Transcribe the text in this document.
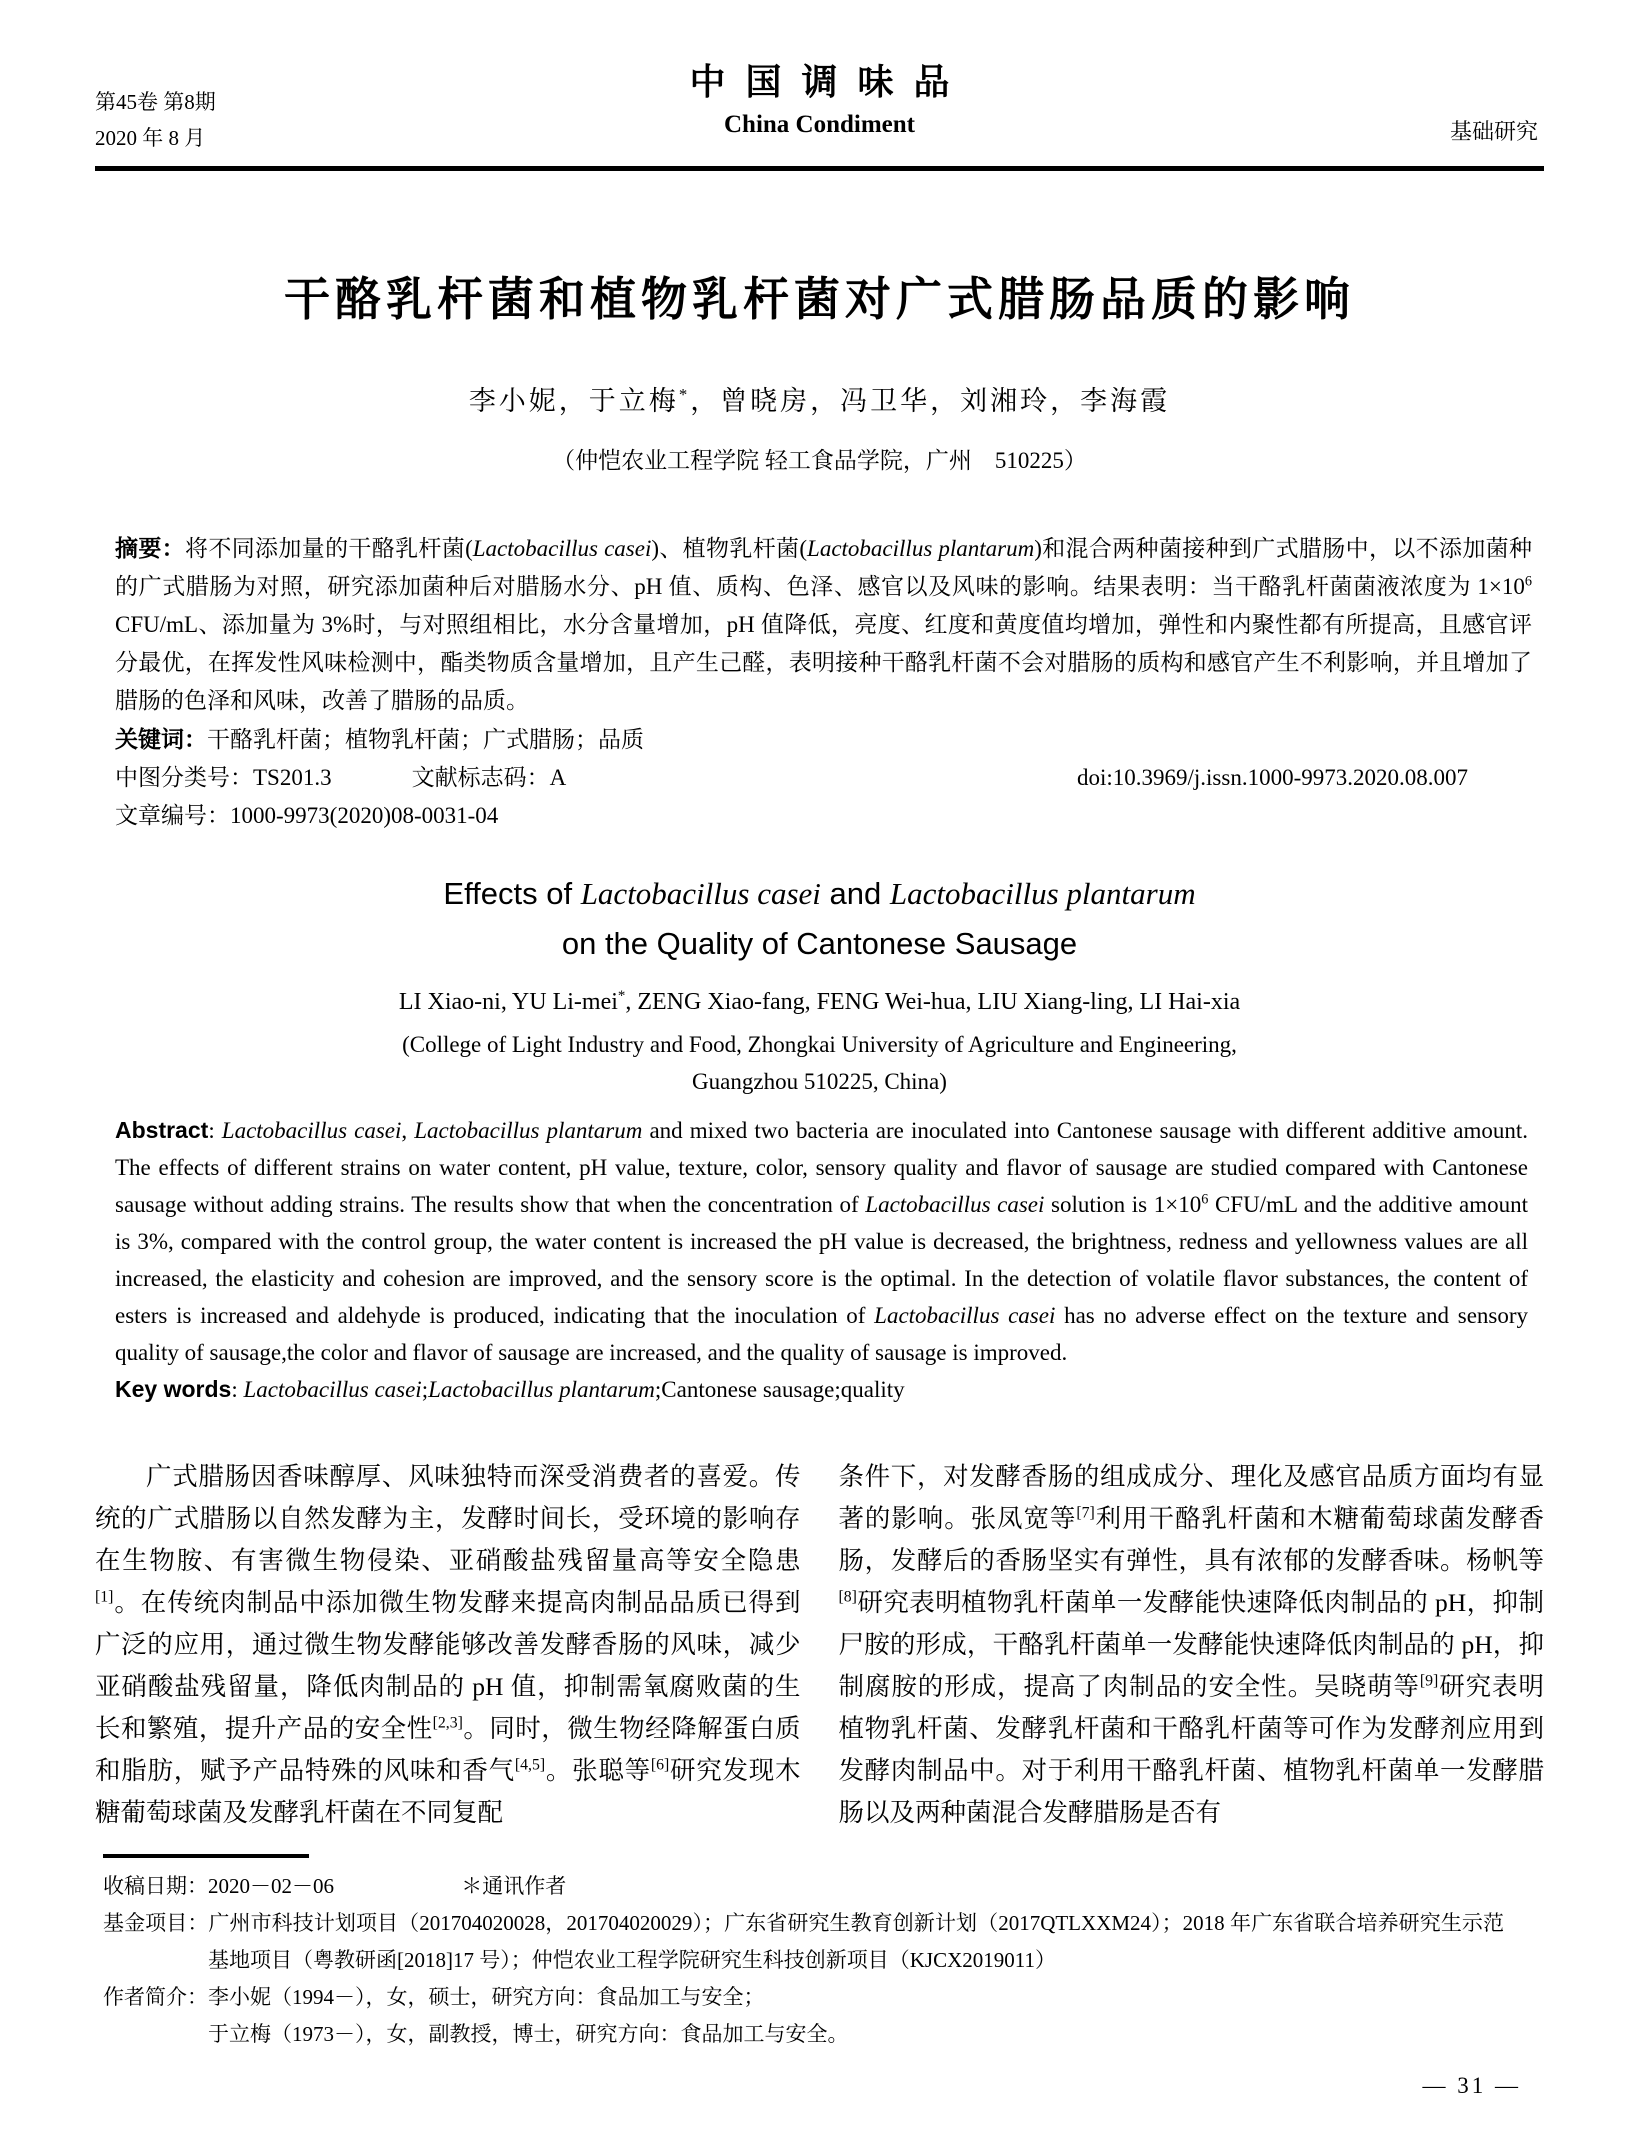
第45卷 第8期
2020 年 8 月
中国调味品
China Condiment	基础研究
干酪乳杆菌和植物乳杆菌对广式腊肠品质的影响
李小妮，于立梅*，曾晓房，冯卫华，刘湘玲，李海霞
（仲恺农业工程学院 轻工食品学院，广州　510225）

摘要：将不同添加量的干酪乳杆菌(Lactobacillus casei)、植物乳杆菌(Lactobacillus plantarum)和混合两种菌接种到广式腊肠中，以不添加菌种的广式腊肠为对照，研究添加菌种后对腊肠水分、pH 值、质构、色泽、感官以及风味的影响。结果表明：当干酪乳杆菌菌液浓度为 $1\times 10^6$ CFU/mL、添加量为 3%时，与对照组相比，水分含量增加，pH 值降低，亮度、红度和黄度值均增加，弹性和内聚性都有所提高，且感官评分最优，在挥发性风味检测中，酯类物质含量增加，且产生己醛，表明接种干酪乳杆菌不会对腊肠的质构和感官产生不利影响，并且增加了腊肠的色泽和风味，改善了腊肠的品质。

关键词：干酪乳杆菌；植物乳杆菌；广式腊肠；品质

中图分类号：TS201.3	文献标志码：A	doi:10.3969/j.issn.1000-9973.2020.08.007

文章编号：1000-9973(2020)08-0031-04

Effects of Lactobacillus casei and Lactobacillus plantarum
on the Quality of Cantonese Sausage
LI Xiao-ni, YU Li-mei*, ZENG Xiao-fang, FENG Wei-hua, LIU Xiang-ling, LI Hai-xia
(College of Light Industry and Food, Zhongkai University of Agriculture and Engineering,
Guangzhou 510225, China)

Abstract: Lactobacillus casei, Lactobacillus plantarum and mixed two bacteria are inoculated into Cantonese sausage with different additive amount. The effects of different strains on water content, pH value, texture, color, sensory quality and flavor of sausage are studied compared with Cantonese sausage without adding strains. The results show that when the concentration of Lactobacillus casei solution is $1\times 10^6$ CFU/mL and the additive amount is 3%, compared with the control group, the water content is increased the pH value is decreased, the brightness, redness and yellowness values are all increased, the elasticity and cohesion are improved, and the sensory score is the optimal. In the detection of volatile flavor substances, the content of esters is increased and aldehyde is produced, indicating that the inoculation of Lactobacillus casei has no adverse effect on the texture and sensory quality of sausage,the color and flavor of sausage are increased, and the quality of sausage is improved.

Key words: Lactobacillus casei;Lactobacillus plantarum;Cantonese sausage;quality

广式腊肠因香味醇厚、风味独特而深受消费者的喜爱。传统的广式腊肠以自然发酵为主，发酵时间长，受环境的影响存在生物胺、有害微生物侵染、亚硝酸盐残留量高等安全隐患[1]。在传统肉制品中添加微生物发酵来提高肉制品品质已得到广泛的应用，通过微生物发酵能够改善发酵香肠的风味，减少亚硝酸盐残留量，降低肉制品的 pH 值，抑制需氧腐败菌的生长和繁殖，提升产品的安全性[2,3]。同时，微生物经降解蛋白质和脂肪，赋予产品特殊的风味和香气[4,5]。张聪等[6]研究发现木糖葡萄球菌及发酵乳杆菌在不同复配
条件下，对发酵香肠的组成成分、理化及感官品质方面均有显著的影响。张凤宽等[7]利用干酪乳杆菌和木糖葡萄球菌发酵香肠，发酵后的香肠坚实有弹性，具有浓郁的发酵香味。杨帆等[8]研究表明植物乳杆菌单一发酵能快速降低肉制品的 pH，抑制尸胺的形成，干酪乳杆菌单一发酵能快速降低肉制品的 pH，抑制腐胺的形成，提高了肉制品的安全性。吴晓萌等[9]研究表明植物乳杆菌、发酵乳杆菌和干酪乳杆菌等可作为发酵剂应用到发酵肉制品中。对于利用干酪乳杆菌、植物乳杆菌单一发酵腊肠以及两种菌混合发酵腊肠是否有
收稿日期：2020－02－06	＊通讯作者
基金项目：广州市科技计划项目（201704020028，201704020029）；广东省研究生教育创新计划（2017QTLXXM24）；2018 年广东省联合培养研究生示范基地项目（粤教研函[2018]17 号）；仲恺农业工程学院研究生科技创新项目（KJCX2019011）
作者简介：李小妮（1994－），女，硕士，研究方向：食品加工与安全；
于立梅（1973－），女，副教授，博士，研究方向：食品加工与安全。
— 31 —
